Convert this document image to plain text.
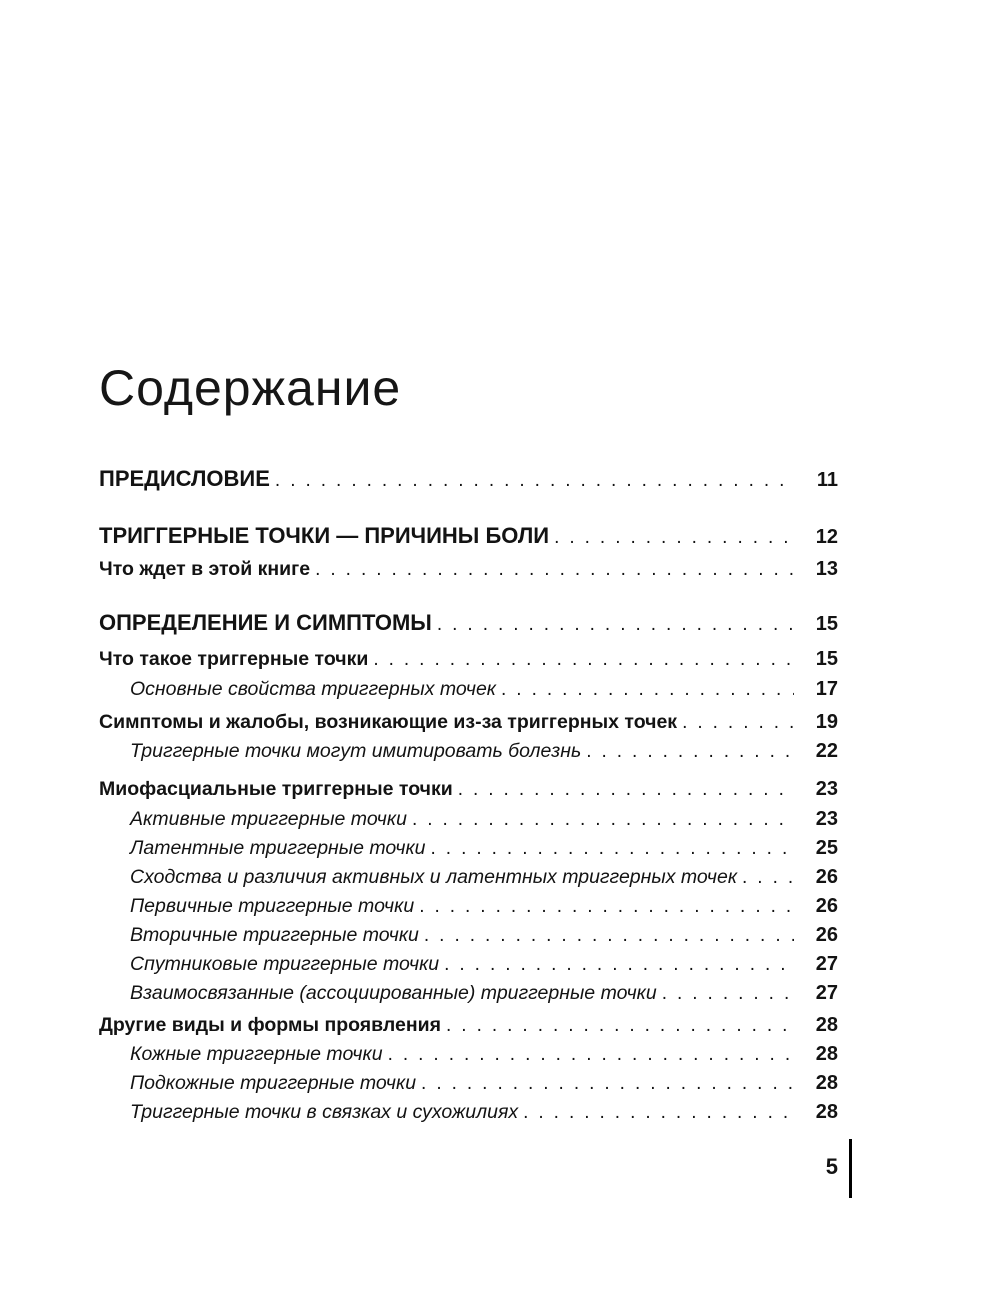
Содержание
ПРЕДИСЛОВИЕ .....	11
ТРИГГЕРНЫЕ ТОЧКИ — ПРИЧИНЫ БОЛИ .....	12
Что ждет в этой книге .....	13
ОПРЕДЕЛЕНИЕ И СИМПТОМЫ .....	15
Что такое триггерные точки .....	15
Основные свойства триггерных точек .....	17
Симптомы и жалобы, возникающие из-за триггерных точек .....	19
Триггерные точки могут имитировать болезнь .....	22
Миофасциальные триггерные точки .....	23
Активные триггерные точки .....	23
Латентные триггерные точки .....	25
Сходства и различия активных и латентных триггерных точек .....	26
Первичные триггерные точки .....	26
Вторичные триггерные точки .....	26
Спутниковые триггерные точки .....	27
Взаимосвязанные (ассоциированные) триггерные точки .....	27
Другие виды и формы проявления .....	28
Кожные триггерные точки .....	28
Подкожные триггерные точки .....	28
Триггерные точки в связках и сухожилиях .....	28
5
